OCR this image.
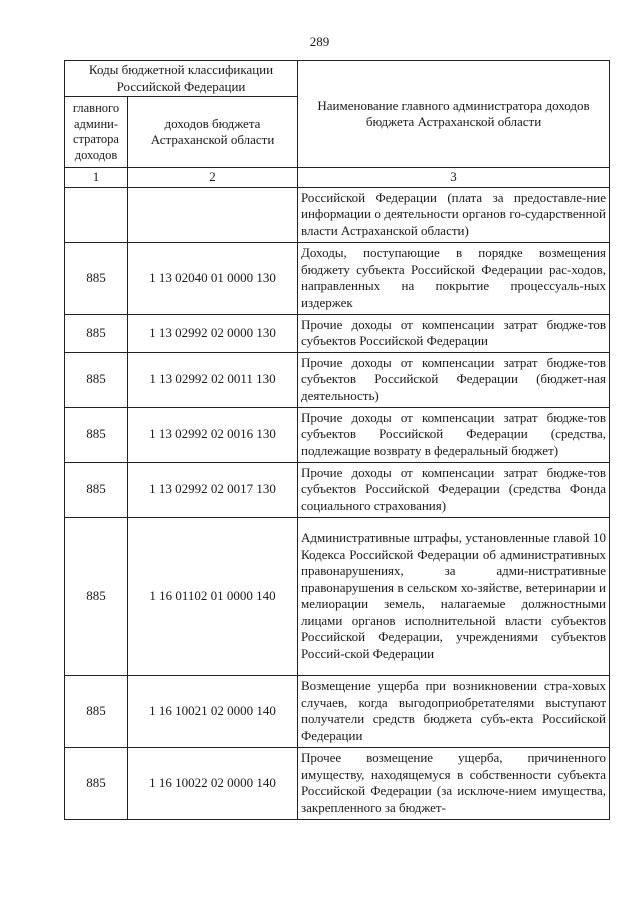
289
Коды бюджетной классификации Российской Федерации		Наименование главного администратора доходов бюджета Астраханской области
главного админи-стратора доходов	доходов бюджета Астраханской области	
1	2	3
		Российской Федерации (плата за предоставле-ние информации о деятельности органов го-сударственной власти Астраханской области)
885	1 13 02040 01 0000 130	Доходы, поступающие в порядке возмещения бюджету субъекта Российской Федерации рас-ходов, направленных на покрытие процессуаль-ных издержек
885	1 13 02992 02 0000 130	Прочие доходы от компенсации затрат бюдже-тов субъектов Российской Федерации
885	1 13 02992 02 0011 130	Прочие доходы от компенсации затрат бюдже-тов субъектов Российской Федерации (бюджет-ная деятельность)
885	1 13 02992 02 0016 130	Прочие доходы от компенсации затрат бюдже-тов субъектов Российской Федерации (средства, подлежащие возврату в федеральный бюджет)
885	1 13 02992 02 0017 130	Прочие доходы от компенсации затрат бюдже-тов субъектов Российской Федерации (средства Фонда социального страхования)
885	1 16 01102 01 0000 140	Административные штрафы, установленные главой 10 Кодекса Российской Федерации об административных правонарушениях, за адми-нистративные правонарушения в сельском хо-зяйстве, ветеринарии и мелиорации земель, налагаемые должностными лицами органов исполнительной власти субъектов Российской Федерации, учреждениями субъектов Россий-ской Федерации
885	1 16 10021 02 0000 140	Возмещение ущерба при возникновении стра-ховых случаев, когда выгодоприобретателями выступают получатели средств бюджета субъ-екта Российской Федерации
885	1 16 10022 02 0000 140	Прочее возмещение ущерба, причиненного имуществу, находящемуся в собственности субъекта Российской Федерации (за исключе-нием имущества, закрепленного за бюджет-
